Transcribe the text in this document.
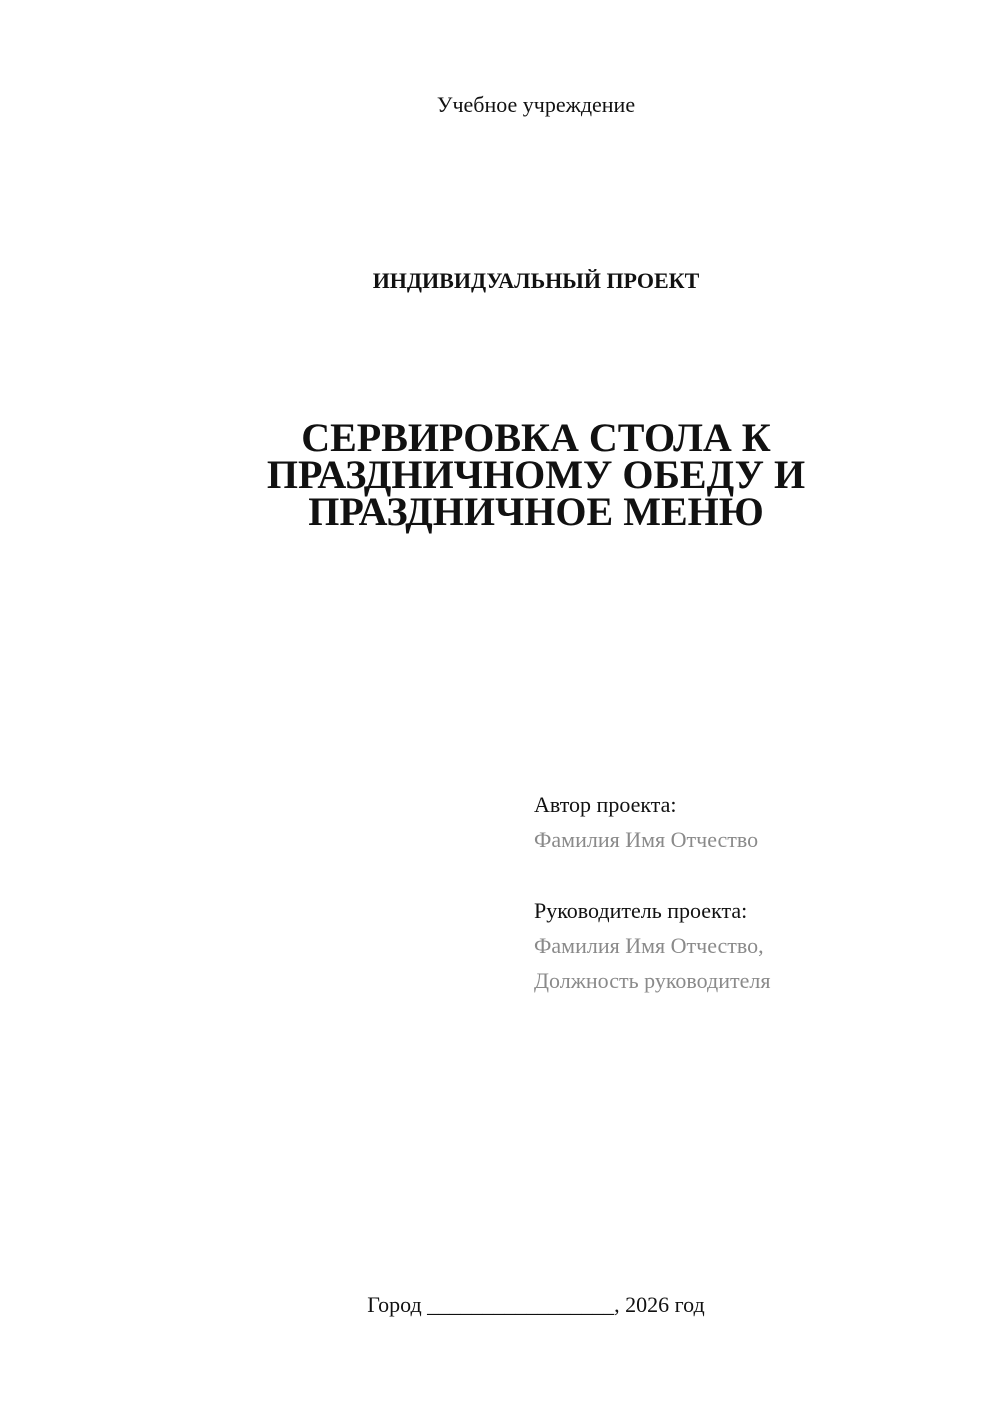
Учебное учреждение
ИНДИВИДУАЛЬНЫЙ ПРОЕКТ
СЕРВИРОВКА СТОЛА К
ПРАЗДНИЧНОМУ ОБЕДУ И
ПРАЗДНИЧНОЕ МЕНЮ
Автор проекта:
Фамилия Имя Отчество
Руководитель проекта:
Фамилия Имя Отчество,
Должность руководителя
Город _________________, 2026 год
